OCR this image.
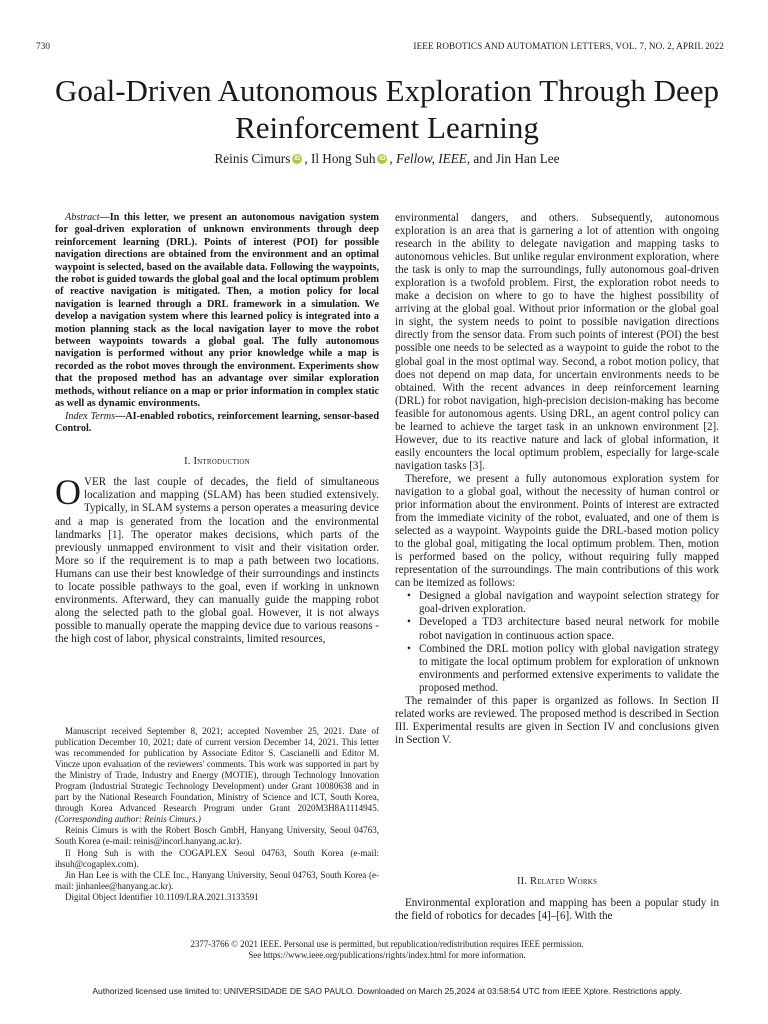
730	IEEE ROBOTICS AND AUTOMATION LETTERS, VOL. 7, NO. 2, APRIL 2022
Goal-Driven Autonomous Exploration Through Deep
Reinforcement Learning
Reinis Cimurs iD , Il Hong Suh iD , Fellow, IEEE, and Jin Han Lee

Abstract—In this letter, we present an autonomous navigation system for goal-driven exploration of unknown environments through deep reinforcement learning (DRL). Points of interest (POI) for possible navigation directions are obtained from the environment and an optimal waypoint is selected, based on the available data. Following the waypoints, the robot is guided towards the global goal and the local optimum problem of reactive navigation is mitigated. Then, a motion policy for local navigation is learned through a DRL framework in a simulation. We develop a navigation system where this learned policy is integrated into a motion planning stack as the local navigation layer to move the robot between waypoints towards a global goal. The fully autonomous navigation is performed without any prior knowledge while a map is recorded as the robot moves through the environment. Experiments show that the proposed method has an advantage over similar exploration methods, without reliance on a map or prior information in complex static as well as dynamic environments.

Index Terms—AI-enabled robotics, reinforcement learning, sensor-based Control.

I. Introduction

OVER the last couple of decades, the field of simultaneous localization and mapping (SLAM) has been studied extensively. Typically, in SLAM systems a person operates a measuring device and a map is generated from the location and the environmental landmarks [1]. The operator makes decisions, which parts of the previously unmapped environment to visit and their visitation order. More so if the requirement is to map a path between two locations. Humans can use their best knowledge of their surroundings and instincts to locate possible pathways to the goal, even if working in unknown environments. Afterward, they can manually guide the mapping robot along the selected path to the global goal. However, it is not always possible to manually operate the mapping device due to various reasons - the high cost of labor, physical constraints, limited resources,

Manuscript received September 8, 2021; accepted November 25, 2021. Date of publication December 10, 2021; date of current version December 14, 2021. This letter was recommended for publication by Associate Editor S. Cascianelli and Editor M. Vincze upon evaluation of the reviewers' comments. This work was supported in part by the Ministry of Trade, Industry and Energy (MOTIE), through Technology Innovation Program (Industrial Strategic Technology Development) under Grant 10080638 and in part by the National Research Foundation, Ministry of Science and ICT, South Korea, through Korea Advanced Research Program under Grant 2020M3H8A1114945. (Corresponding author: Reinis Cimurs.)

Reinis Cimurs is with the Robert Bosch GmbH, Hanyang University, Seoul 04763, South Korea (e-mail: reinis@incorl.hanyang.ac.kr).

Il Hong Suh is with the COGAPLEX Seoul 04763, South Korea (e-mail: ihsuh@cogaplex.com).

Jin Han Lee is with the CLE Inc., Hanyang University, Seoul 04763, South Korea (e-mail: jinhanlee@hanyang.ac.kr).

Digital Object Identifier 10.1109/LRA.2021.3133591

environmental dangers, and others. Subsequently, autonomous exploration is an area that is garnering a lot of attention with ongoing research in the ability to delegate navigation and mapping tasks to autonomous vehicles. But unlike regular environment exploration, where the task is only to map the surroundings, fully autonomous goal-driven exploration is a twofold problem. First, the exploration robot needs to make a decision on where to go to have the highest possibility of arriving at the global goal. Without prior information or the global goal in sight, the system needs to point to possible navigation directions directly from the sensor data. From such points of interest (POI) the best possible one needs to be selected as a waypoint to guide the robot to the global goal in the most optimal way. Second, a robot motion policy, that does not depend on map data, for uncertain environments needs to be obtained. With the recent advances in deep reinforcement learning (DRL) for robot navigation, high-precision decision-making has become feasible for autonomous agents. Using DRL, an agent control policy can be learned to achieve the target task in an unknown environment [2]. However, due to its reactive nature and lack of global information, it easily encounters the local optimum problem, especially for large-scale navigation tasks [3].

Therefore, we present a fully autonomous exploration system for navigation to a global goal, without the necessity of human control or prior information about the environment. Points of interest are extracted from the immediate vicinity of the robot, evaluated, and one of them is selected as a waypoint. Waypoints guide the DRL-based motion policy to the global goal, mitigating the local optimum problem. Then, motion is performed based on the policy, without requiring fully mapped representation of the surroundings. The main contributions of this work can be itemized as follows:

• Designed a global navigation and waypoint selection strategy for goal-driven exploration.
• Developed a TD3 architecture based neural network for mobile robot navigation in continuous action space.
• Combined the DRL motion policy with global navigation strategy to mitigate the local optimum problem for exploration of unknown environments and performed extensive experiments to validate the proposed method.

The remainder of this paper is organized as follows. In Section II related works are reviewed. The proposed method is described in Section III. Experimental results are given in Section IV and conclusions given in Section V.

II. Related Works

Environmental exploration and mapping has been a popular study in the field of robotics for decades [4]–[6]. With the

2377-3766 © 2021 IEEE. Personal use is permitted, but republication/redistribution requires IEEE permission.
See https://www.ieee.org/publications/rights/index.html for more information.
Authorized licensed use limited to: UNIVERSIDADE DE SAO PAULO. Downloaded on March 25,2024 at 03:58:54 UTC from IEEE Xplore. Restrictions apply.
